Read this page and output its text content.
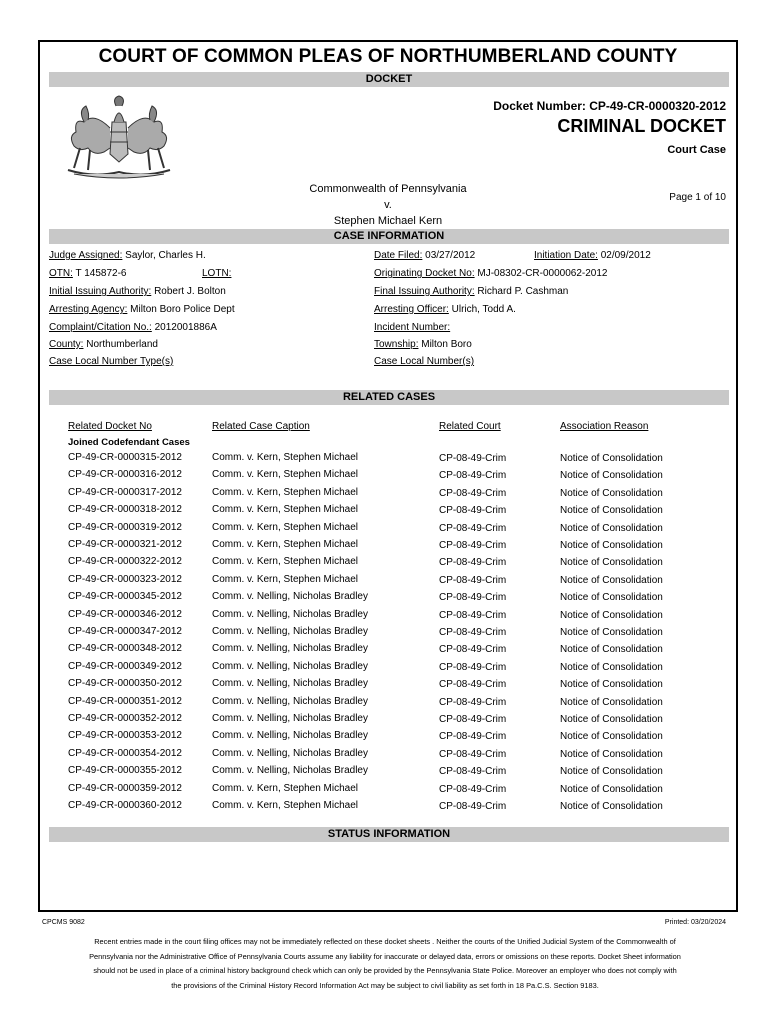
COURT OF COMMON PLEAS OF NORTHUMBERLAND COUNTY
DOCKET
Docket Number: CP-49-CR-0000320-2012
CRIMINAL DOCKET
Court Case
Page 1 of 10
Commonwealth of Pennsylvania
v.
Stephen Michael Kern
CASE INFORMATION
Judge Assigned: Saylor, Charles H.	Date Filed: 03/27/2012	Initiation Date: 02/09/2012
OTN: T 145872-6	LOTN:	Originating Docket No: MJ-08302-CR-0000062-2012
Initial Issuing Authority: Robert J. Bolton	Final Issuing Authority: Richard P. Cashman
Arresting Agency: Milton Boro Police Dept	Arresting Officer: Ulrich, Todd A.
Complaint/Citation No.: 2012001886A	Incident Number:
County: Northumberland	Township: Milton Boro
Case Local Number Type(s)	Case Local Number(s)
RELATED CASES
Related Docket No	Related Case Caption	Related Court	Association Reason
Joined Codefendant Cases
CP-49-CR-0000315-2012	Comm. v. Kern, Stephen Michael	CP-08-49-Crim	Notice of Consolidation
CP-49-CR-0000316-2012	Comm. v. Kern, Stephen Michael	CP-08-49-Crim	Notice of Consolidation
CP-49-CR-0000317-2012	Comm. v. Kern, Stephen Michael	CP-08-49-Crim	Notice of Consolidation
CP-49-CR-0000318-2012	Comm. v. Kern, Stephen Michael	CP-08-49-Crim	Notice of Consolidation
CP-49-CR-0000319-2012	Comm. v. Kern, Stephen Michael	CP-08-49-Crim	Notice of Consolidation
CP-49-CR-0000321-2012	Comm. v. Kern, Stephen Michael	CP-08-49-Crim	Notice of Consolidation
CP-49-CR-0000322-2012	Comm. v. Kern, Stephen Michael	CP-08-49-Crim	Notice of Consolidation
CP-49-CR-0000323-2012	Comm. v. Kern, Stephen Michael	CP-08-49-Crim	Notice of Consolidation
CP-49-CR-0000345-2012	Comm. v. Nelling, Nicholas Bradley	CP-08-49-Crim	Notice of Consolidation
CP-49-CR-0000346-2012	Comm. v. Nelling, Nicholas Bradley	CP-08-49-Crim	Notice of Consolidation
CP-49-CR-0000347-2012	Comm. v. Nelling, Nicholas Bradley	CP-08-49-Crim	Notice of Consolidation
CP-49-CR-0000348-2012	Comm. v. Nelling, Nicholas Bradley	CP-08-49-Crim	Notice of Consolidation
CP-49-CR-0000349-2012	Comm. v. Nelling, Nicholas Bradley	CP-08-49-Crim	Notice of Consolidation
CP-49-CR-0000350-2012	Comm. v. Nelling, Nicholas Bradley	CP-08-49-Crim	Notice of Consolidation
CP-49-CR-0000351-2012	Comm. v. Nelling, Nicholas Bradley	CP-08-49-Crim	Notice of Consolidation
CP-49-CR-0000352-2012	Comm. v. Nelling, Nicholas Bradley	CP-08-49-Crim	Notice of Consolidation
CP-49-CR-0000353-2012	Comm. v. Nelling, Nicholas Bradley	CP-08-49-Crim	Notice of Consolidation
CP-49-CR-0000354-2012	Comm. v. Nelling, Nicholas Bradley	CP-08-49-Crim	Notice of Consolidation
CP-49-CR-0000355-2012	Comm. v. Nelling, Nicholas Bradley	CP-08-49-Crim	Notice of Consolidation
CP-49-CR-0000359-2012	Comm. v. Kern, Stephen Michael	CP-08-49-Crim	Notice of Consolidation
CP-49-CR-0000360-2012	Comm. v. Kern, Stephen Michael	CP-08-49-Crim	Notice of Consolidation
STATUS INFORMATION
CPCMS 9082	Printed: 03/20/2024
Recent entries made in the court filing offices may not be immediately reflected on these docket sheets . Neither the courts of the Unified Judicial System of the Commonwealth of Pennsylvania nor the Administrative Office of Pennsylvania Courts assume any liability for inaccurate or delayed data, errors or omissions on these reports. Docket Sheet information should not be used in place of a criminal history background check which can only be provided by the Pennsylvania State Police. Moreover an employer who does not comply with the provisions of the Criminal History Record Information Act may be subject to civil liability as set forth in 18 Pa.C.S. Section 9183.
